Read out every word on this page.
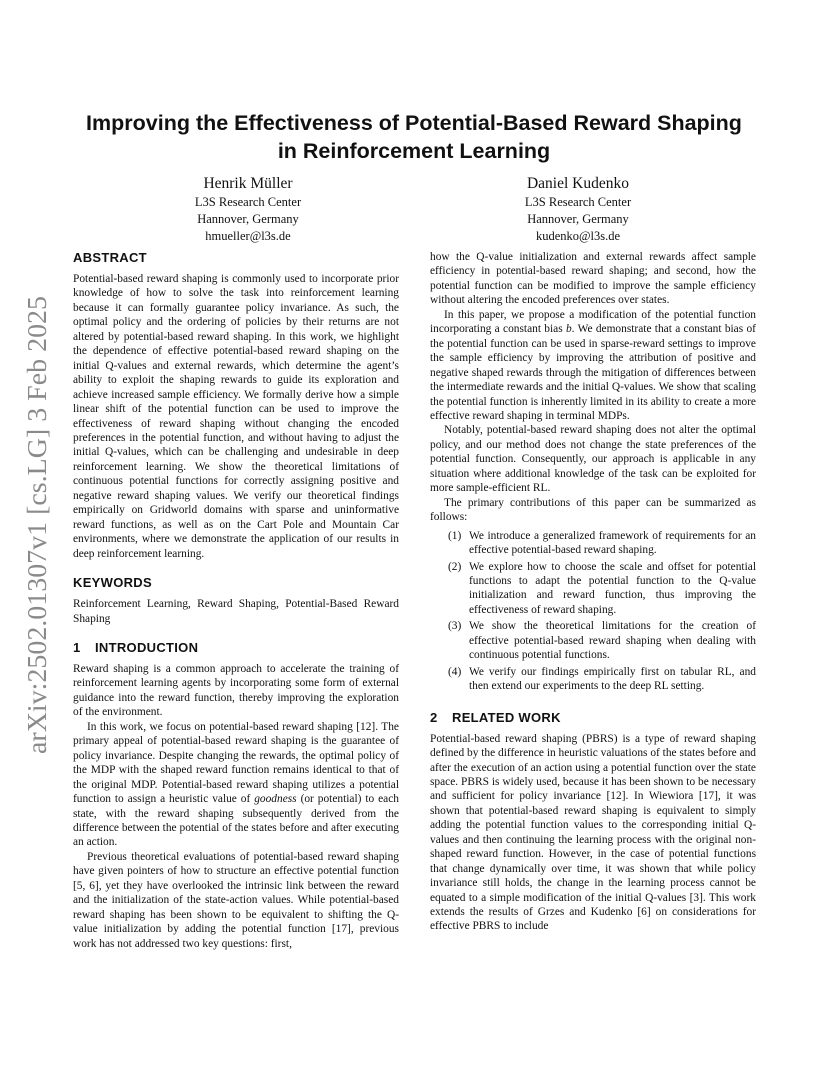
arXiv:2502.01307v1 [cs.LG] 3 Feb 2025
Improving the Effectiveness of Potential-Based Reward Shaping
in Reinforcement Learning
Henrik Müller
L3S Research Center
Hannover, Germany
hmueller@l3s.de
Daniel Kudenko
L3S Research Center
Hannover, Germany
kudenko@l3s.de
ABSTRACT

Potential-based reward shaping is commonly used to incorporate prior knowledge of how to solve the task into reinforcement learning because it can formally guarantee policy invariance. As such, the optimal policy and the ordering of policies by their returns are not altered by potential-based reward shaping. In this work, we highlight the dependence of effective potential-based reward shaping on the initial Q-values and external rewards, which determine the agent’s ability to exploit the shaping rewards to guide its exploration and achieve increased sample efficiency. We formally derive how a simple linear shift of the potential function can be used to improve the effectiveness of reward shaping without changing the encoded preferences in the potential function, and without having to adjust the initial Q-values, which can be challenging and undesirable in deep reinforcement learning. We show the theoretical limitations of continuous potential functions for correctly assigning positive and negative reward shaping values. We verify our theoretical findings empirically on Gridworld domains with sparse and uninformative reward functions, as well as on the Cart Pole and Mountain Car environments, where we demonstrate the application of our results in deep reinforcement learning.

KEYWORDS

Reinforcement Learning, Reward Shaping, Potential-Based Reward Shaping

1 INTRODUCTION

Reward shaping is a common approach to accelerate the training of reinforcement learning agents by incorporating some form of external guidance into the reward function, thereby improving the exploration of the environment.

In this work, we focus on potential-based reward shaping [12]. The primary appeal of potential-based reward shaping is the guarantee of policy invariance. Despite changing the rewards, the optimal policy of the MDP with the shaped reward function remains identical to that of the original MDP. Potential-based reward shaping utilizes a potential function to assign a heuristic value of goodness (or potential) to each state, with the reward shaping subsequently derived from the difference between the potential of the states before and after executing an action.

Previous theoretical evaluations of potential-based reward shaping have given pointers of how to structure an effective potential function [5, 6], yet they have overlooked the intrinsic link between the reward and the initialization of the state-action values. While potential-based reward shaping has been shown to be equivalent to shifting the Q-value initialization by adding the potential function [17], previous work has not addressed two key questions: first,

how the Q-value initialization and external rewards affect sample efficiency in potential-based reward shaping; and second, how the potential function can be modified to improve the sample efficiency without altering the encoded preferences over states.

In this paper, we propose a modification of the potential function incorporating a constant bias b. We demonstrate that a constant bias of the potential function can be used in sparse-reward settings to improve the sample efficiency by improving the attribution of positive and negative shaped rewards through the mitigation of differences between the intermediate rewards and the initial Q-values. We show that scaling the potential function is inherently limited in its ability to create a more effective reward shaping in terminal MDPs.

Notably, potential-based reward shaping does not alter the optimal policy, and our method does not change the state preferences of the potential function. Consequently, our approach is applicable in any situation where additional knowledge of the task can be exploited for more sample-efficient RL.

The primary contributions of this paper can be summarized as follows:

(1) We introduce a generalized framework of requirements for an effective potential-based reward shaping.
(2) We explore how to choose the scale and offset for potential functions to adapt the potential function to the Q-value initialization and reward function, thus improving the effectiveness of reward shaping.
(3) We show the theoretical limitations for the creation of effective potential-based reward shaping when dealing with continuous potential functions.
(4) We verify our findings empirically first on tabular RL, and then extend our experiments to the deep RL setting.
2 RELATED WORK

Potential-based reward shaping (PBRS) is a type of reward shaping defined by the difference in heuristic valuations of the states before and after the execution of an action using a potential function over the state space. PBRS is widely used, because it has been shown to be necessary and sufficient for policy invariance [12]. In Wiewiora [17], it was shown that potential-based reward shaping is equivalent to simply adding the potential function values to the corresponding initial Q-values and then continuing the learning process with the original non-shaped reward function. However, in the case of potential functions that change dynamically over time, it was shown that while policy invariance still holds, the change in the learning process cannot be equated to a simple modification of the initial Q-values [3]. This work extends the results of Grzes and Kudenko [6] on considerations for effective PBRS to include
